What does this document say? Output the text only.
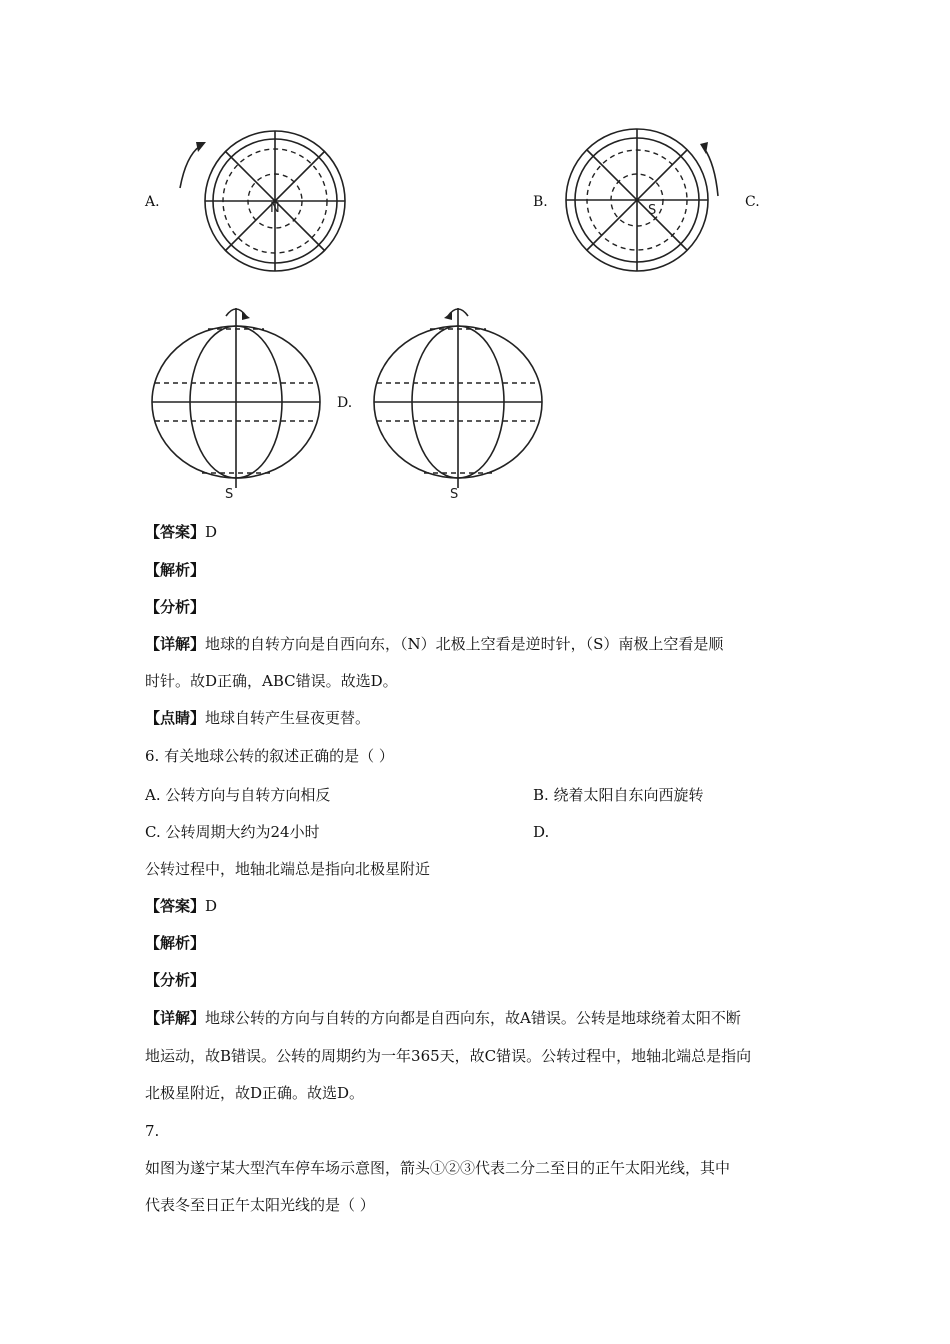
A.	N	B.
S
C.
S
D.
S
【答案】D
【解析】
【分析】
【详解】地球的自转方向是自西向东，（N）北极上空看是逆时针，（S）南极上空看是顺
时针。故D正确，ABC错误。故选D。
【点睛】地球自转产生昼夜更替。
6. 有关地球公转的叙述正确的是（ ）
A. 公转方向与自转方向相反	B. 绕着太阳自东向西旋转
C. 公转周期大约为24小时	D.
公转过程中，地轴北端总是指向北极星附近
【答案】D
【解析】
【分析】
【详解】地球公转的方向与自转的方向都是自西向东，故A错误。公转是地球绕着太阳不断
地运动，故B错误。公转的周期约为一年365天，故C错误。公转过程中，地轴北端总是指向
北极星附近，故D正确。故选D。
7.
如图为遂宁某大型汽车停车场示意图，箭头①②③代表二分二至日的正午太阳光线，其中
代表冬至日正午太阳光线的是（ ）
